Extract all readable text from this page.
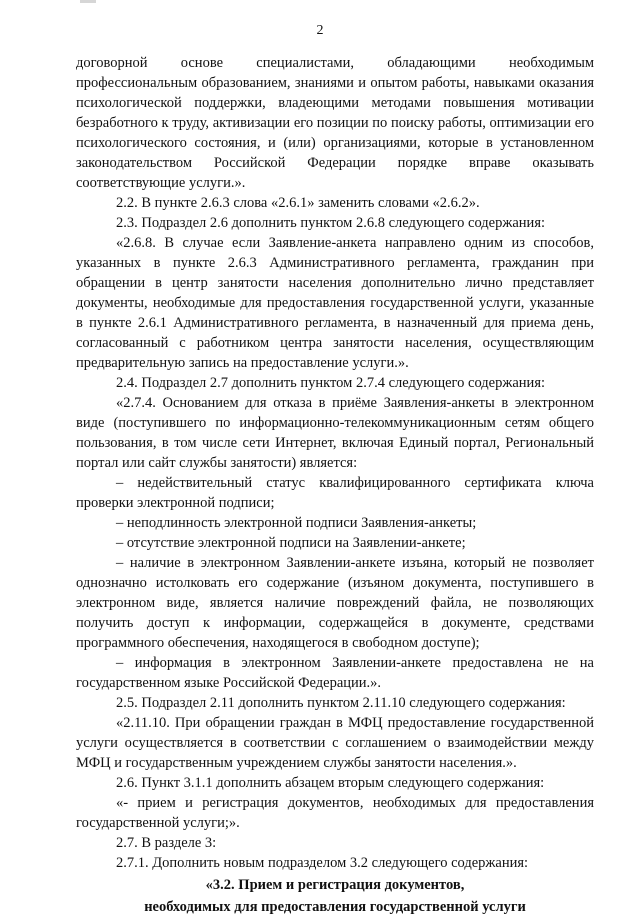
2

договорной основе специалистами, обладающими необходимым профессиональным образованием, знаниями и опытом работы, навыками оказания психологической поддержки, владеющими методами повышения мотивации безработного к труду, активизации его позиции по поиску работы, оптимизации его психологического состояния, и (или) организациями, которые в установленном законодательством Российской Федерации порядке вправе оказывать соответствующие услуги.».

2.2. В пункте 2.6.3 слова «2.6.1» заменить словами «2.6.2».

2.3. Подраздел 2.6 дополнить пунктом 2.6.8 следующего содержания:

«2.6.8. В случае если Заявление-анкета направлено одним из способов, указанных в пункте 2.6.3 Административного регламента, гражданин при обращении в центр занятости населения дополнительно лично представляет документы, необходимые для предоставления государственной услуги, указанные в пункте 2.6.1 Административного регламента, в назначенный для приема день, согласованный с работником центра занятости населения, осуществляющим предварительную запись на предоставление услуги.».

2.4. Подраздел 2.7 дополнить пунктом 2.7.4 следующего содержания:

«2.7.4. Основанием для отказа в приёме Заявления-анкеты в электронном виде (поступившего по информационно-телекоммуникационным сетям общего пользования, в том числе сети Интернет, включая Единый портал, Региональный портал или сайт службы занятости) является:

– недействительный статус квалифицированного сертификата ключа проверки электронной подписи;

– неподлинность электронной подписи Заявления-анкеты;

– отсутствие электронной подписи на Заявлении-анкете;

– наличие в электронном Заявлении-анкете изъяна, который не позволяет однозначно истолковать его содержание (изъяном документа, поступившего в электронном виде, является наличие повреждений файла, не позволяющих получить доступ к информации, содержащейся в документе, средствами программного обеспечения, находящегося в свободном доступе);

– информация в электронном Заявлении-анкете предоставлена не на государственном языке Российской Федерации.».

2.5. Подраздел 2.11 дополнить пунктом 2.11.10 следующего содержания:

«2.11.10. При обращении граждан в МФЦ предоставление государственной услуги осуществляется в соответствии с соглашением о взаимодействии между МФЦ и государственным учреждением службы занятости населения.».

2.6. Пункт 3.1.1 дополнить абзацем вторым следующего содержания:

«- прием и регистрация документов, необходимых для предоставления государственной услуги;».

2.7. В разделе 3:

2.7.1. Дополнить новым подразделом 3.2 следующего содержания:

«3.2. Прием и регистрация документов,

необходимых для предоставления государственной услуги
